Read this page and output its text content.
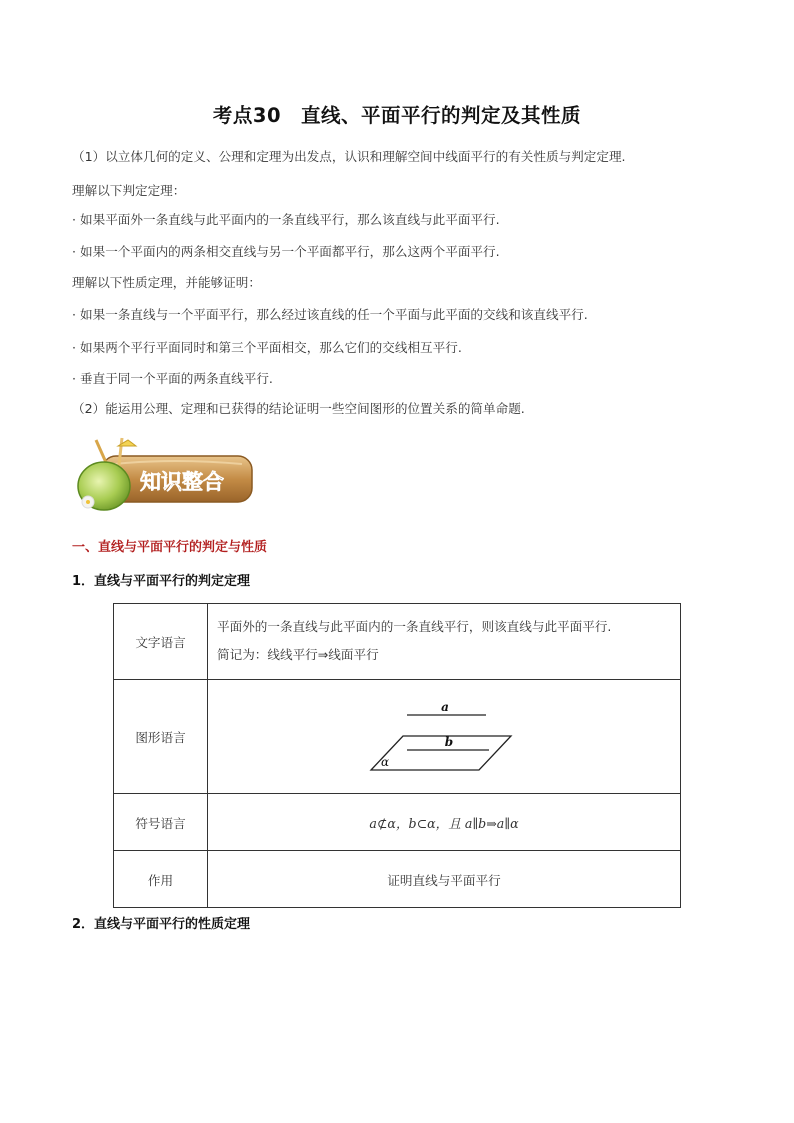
考点30　直线、平面平行的判定及其性质
（1）以立体几何的定义、公理和定理为出发点，认识和理解空间中线面平行的有关性质与判定定理.
理解以下判定定理：
· 如果平面外一条直线与此平面内的一条直线平行，那么该直线与此平面平行.
· 如果一个平面内的两条相交直线与另一个平面都平行，那么这两个平面平行.
理解以下性质定理，并能够证明：
· 如果一条直线与一个平面平行，那么经过该直线的任一个平面与此平面的交线和该直线平行.
· 如果两个平行平面同时和第三个平面相交，那么它们的交线相互平行.
· 垂直于同一个平面的两条直线平行.
（2）能运用公理、定理和已获得的结论证明一些空间图形的位置关系的简单命题.
知识整合
一、直线与平面平行的判定与性质
1．直线与平面平行的判定定理
文字语言	平面外的一条直线与此平面内的一条直线平行，则该直线与此平面平行.
简记为：线线平行⇒线面平行

图形语言	a
b
α

符号语言	a⊄α，b⊂α，且 a∥b⇒a∥α
作用	证明直线与平面平行
2．直线与平面平行的性质定理
